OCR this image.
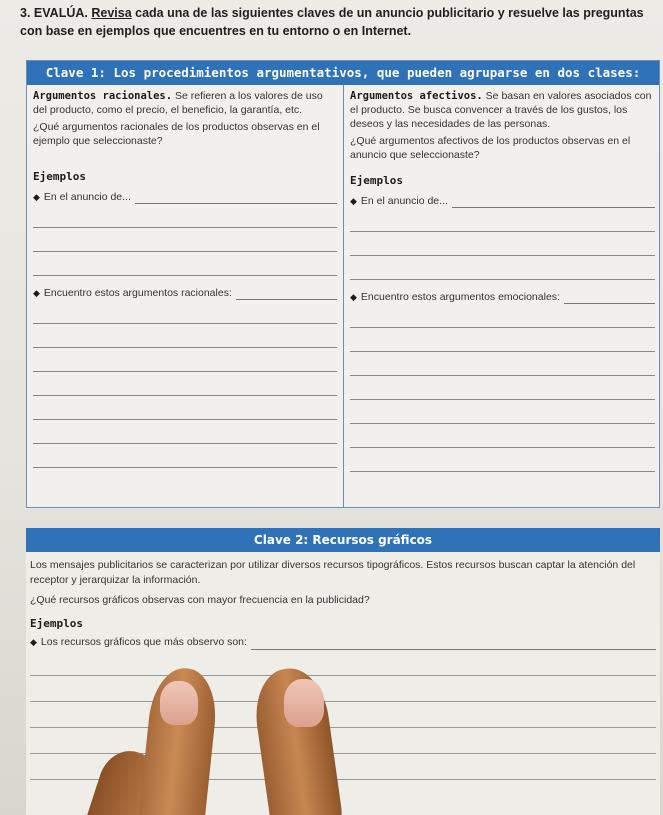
3. EVALÚA. Revisa cada una de las siguientes claves de un anuncio publicitario y resuelve las preguntas con base en ejemplos que encuentres en tu entorno o en Internet.
Clave 1: Los procedimientos argumentativos, que pueden agruparse en dos clases:

Argumentos racionales. Se refieren a los valores de uso del producto, como el precio, el beneficio, la garantía, etc.

¿Qué argumentos racionales de los productos observas en el ejemplo que seleccionaste?

Ejemplos

◆ En el anuncio de...
◆ Encuentro estos argumentos racionales:

Argumentos afectivos. Se basan en valores asociados con el producto. Se busca convencer a través de los gustos, los deseos y las necesidades de las personas.

¿Qué argumentos afectivos de los productos observas en el anuncio que seleccionaste?

Ejemplos

◆ En el anuncio de...
◆ Encuentro estos argumentos emocionales:
Clave 2: Recursos gráficos

Los mensajes publicitarios se caracterizan por utilizar diversos recursos tipográficos. Estos recursos buscan captar la atención del receptor y jerarquizar la información.

¿Qué recursos gráficos observas con mayor frecuencia en la publicidad?

Ejemplos
◆ Los recursos gráficos que más observo son:
